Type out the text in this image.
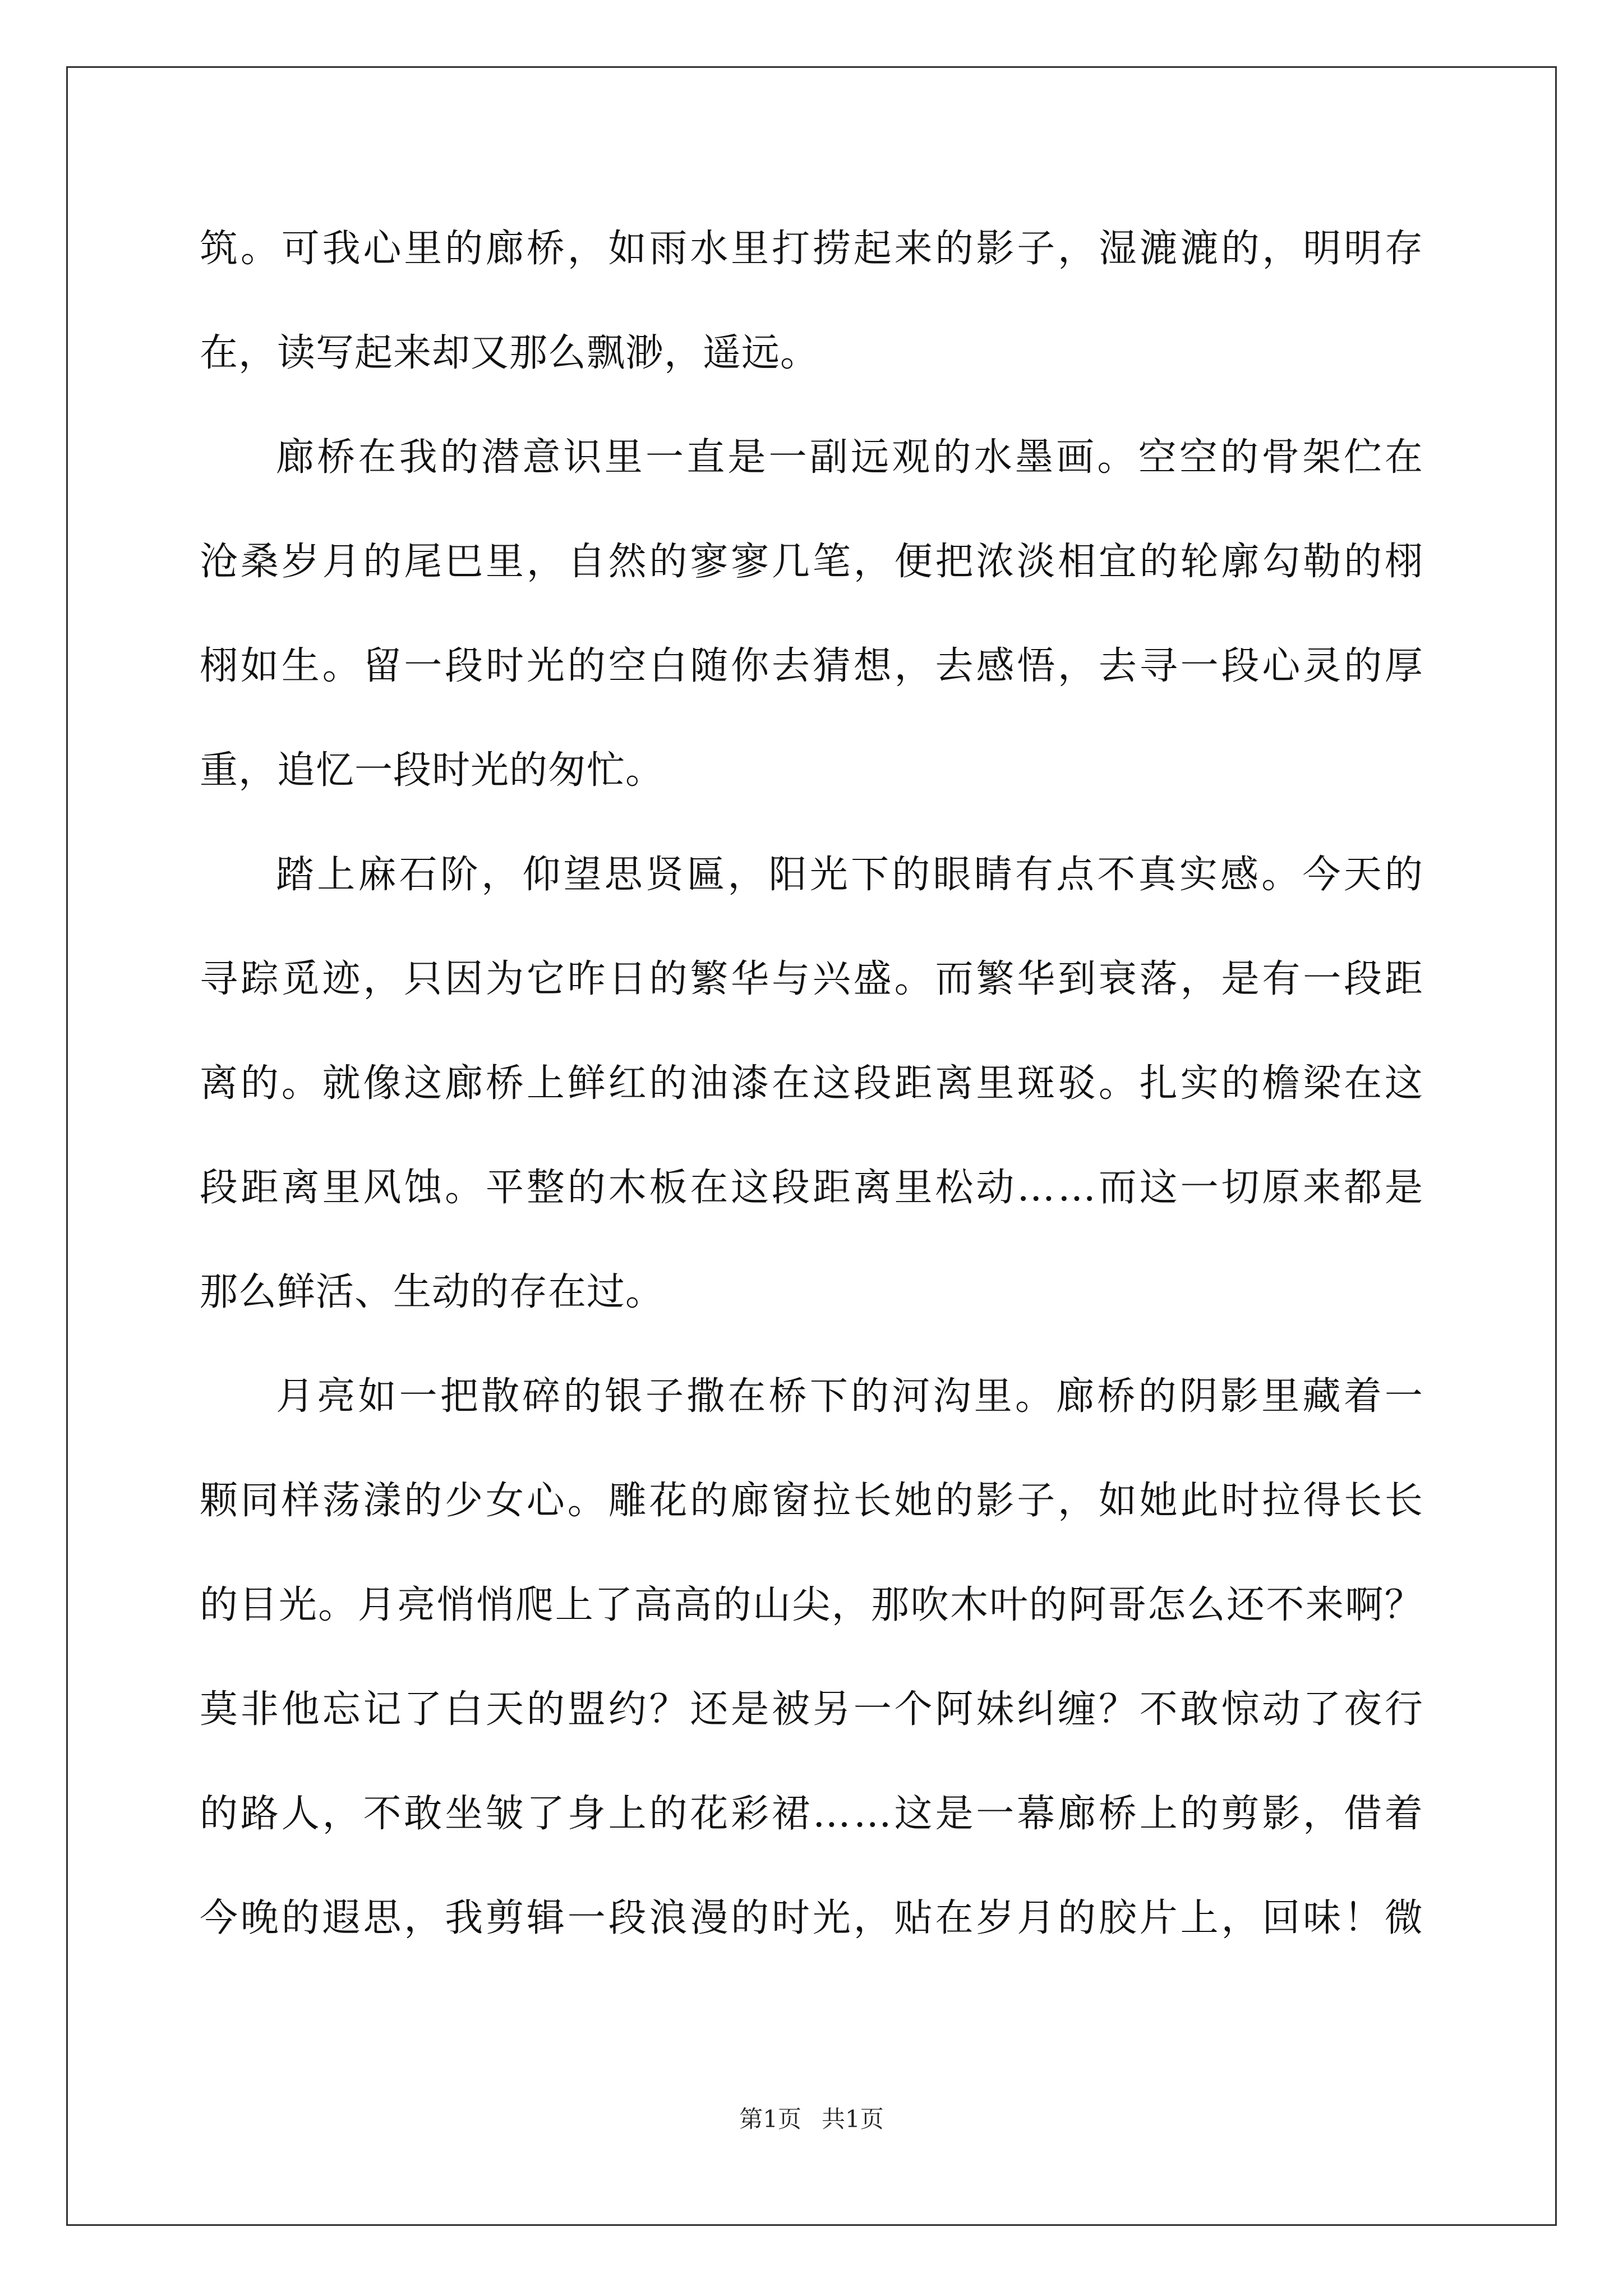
筑 。 可 我 心 里 的 廊 桥 ， 如 雨 水 里 打 捞 起 来 的 影 子 ， 湿 漉 漉 的 ， 明 明 存
在，读写起来却又那么飘渺，遥远。
廊 桥 在 我 的 潜 意 识 里 一 直 是 一 副 远 观 的 水 墨 画 。 空 空 的 骨 架 伫 在
沧 桑 岁 月 的 尾 巴 里 ， 自 然 的 寥 寥 几 笔 ， 便 把 浓 淡 相 宜 的 轮 廓 勾 勒 的 栩
栩 如 生 。 留 一 段 时 光 的 空 白 随 你 去 猜 想 ， 去 感 悟 ， 去 寻 一 段 心 灵 的 厚
重，追忆一段时光的匆忙。
踏 上 麻 石 阶 ， 仰 望 思 贤 匾 ， 阳 光 下 的 眼 睛 有 点 不 真 实 感 。 今 天 的
寻 踪 觅 迹 ， 只 因 为 它 昨 日 的 繁 华 与 兴 盛 。 而 繁 华 到 衰 落 ， 是 有 一 段 距
离 的 。 就 像 这 廊 桥 上 鲜 红 的 油 漆 在 这 段 距 离 里 斑 驳 。 扎 实 的 檐 梁 在 这
段 距 离 里 风 蚀 。 平 整 的 木 板 在 这 段 距 离 里 松 动 … … 而 这 一 切 原 来 都 是
那么鲜活、生动的存在过。
月 亮 如 一 把 散 碎 的 银 子 撒 在 桥 下 的 河 沟 里 。 廊 桥 的 阴 影 里 藏 着 一
颗 同 样 荡 漾 的 少 女 心 。 雕 花 的 廊 窗 拉 长 她 的 影 子 ， 如 她 此 时 拉 得 长 长
的 目 光 。 月 亮 悄 悄 爬 上 了 高 高 的 山 尖 ， 那 吹 木 叶 的 阿 哥 怎 么 还 不 来 啊 ？
莫 非 他 忘 记 了 白 天 的 盟 约 ？ 还 是 被 另 一 个 阿 妹 纠 缠 ？ 不 敢 惊 动 了 夜 行
的 路 人 ， 不 敢 坐 皱 了 身 上 的 花 彩 裙 … … 这 是 一 幕 廊 桥 上 的 剪 影 ， 借 着
今 晚 的 遐 思 ， 我 剪 辑 一 段 浪 漫 的 时 光 ， 贴 在 岁 月 的 胶 片 上 ， 回 味 ！ 微
第1页 共1页
